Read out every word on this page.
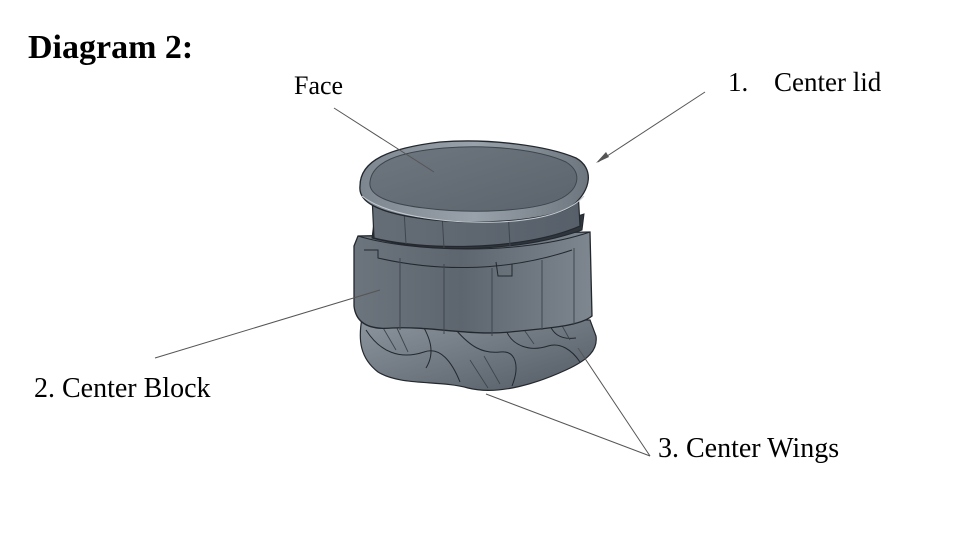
Diagram 2:
Face	1. Center lid
2. Center Block
3. Center Wings
